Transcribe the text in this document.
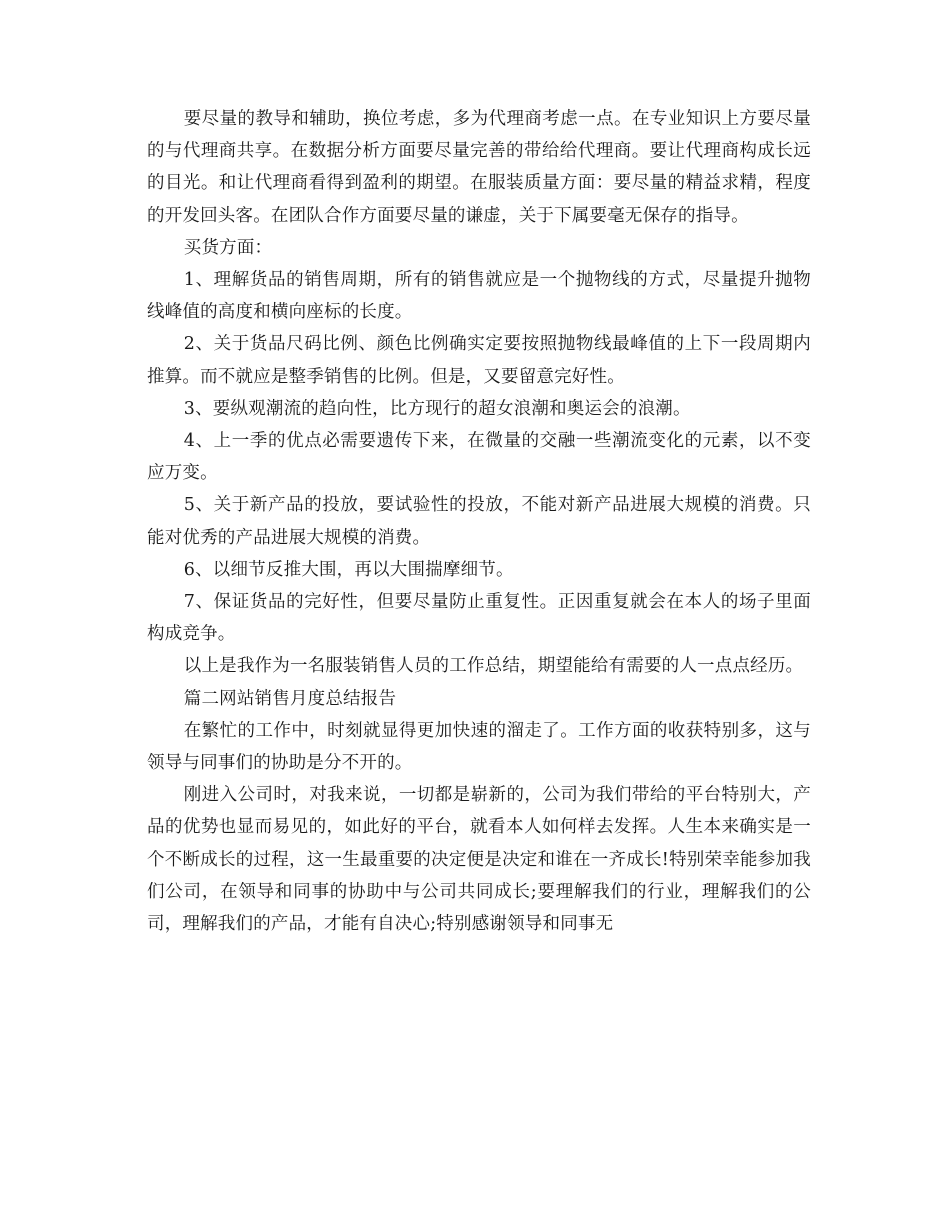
要尽量的教导和辅助，换位考虑，多为代理商考虑一点。在专业知识上方要尽量的与代理商共享。在数据分析方面要尽量完善的带给给代理商。要让代理商构成长远的目光。和让代理商看得到盈利的期望。在服装质量方面：要尽量的精益求精，程度的开发回头客。在团队合作方面要尽量的谦虚，关于下属要毫无保存的指导。

买货方面：

1、理解货品的销售周期，所有的销售就应是一个抛物线的方式，尽量提升抛物线峰值的高度和横向座标的长度。

2、关于货品尺码比例、颜色比例确实定要按照抛物线最峰值的上下一段周期内推算。而不就应是整季销售的比例。但是，又要留意完好性。

3、要纵观潮流的趋向性，比方现行的超女浪潮和奥运会的浪潮。

4、上一季的优点必需要遗传下来，在微量的交融一些潮流变化的元素，以不变应万变。

5、关于新产品的投放，要试验性的投放，不能对新产品进展大规模的消费。只能对优秀的产品进展大规模的消费。

6、以细节反推大围，再以大围揣摩细节。

7、保证货品的完好性，但要尽量防止重复性。正因重复就会在本人的场子里面构成竞争。

以上是我作为一名服装销售人员的工作总结，期望能给有需要的人一点点经历。

篇二网站销售月度总结报告

在繁忙的工作中，时刻就显得更加快速的溜走了。工作方面的收获特别多，这与领导与同事们的协助是分不开的。

刚进入公司时，对我来说，一切都是崭新的，公司为我们带给的平台特别大，产品的优势也显而易见的，如此好的平台，就看本人如何样去发挥。人生本来确实是一个不断成长的过程，这一生最重要的决定便是决定和谁在一齐成长!特别荣幸能参加我们公司，在领导和同事的协助中与公司共同成长;要理解我们的行业，理解我们的公司，理解我们的产品，才能有自决心;特别感谢领导和同事无
